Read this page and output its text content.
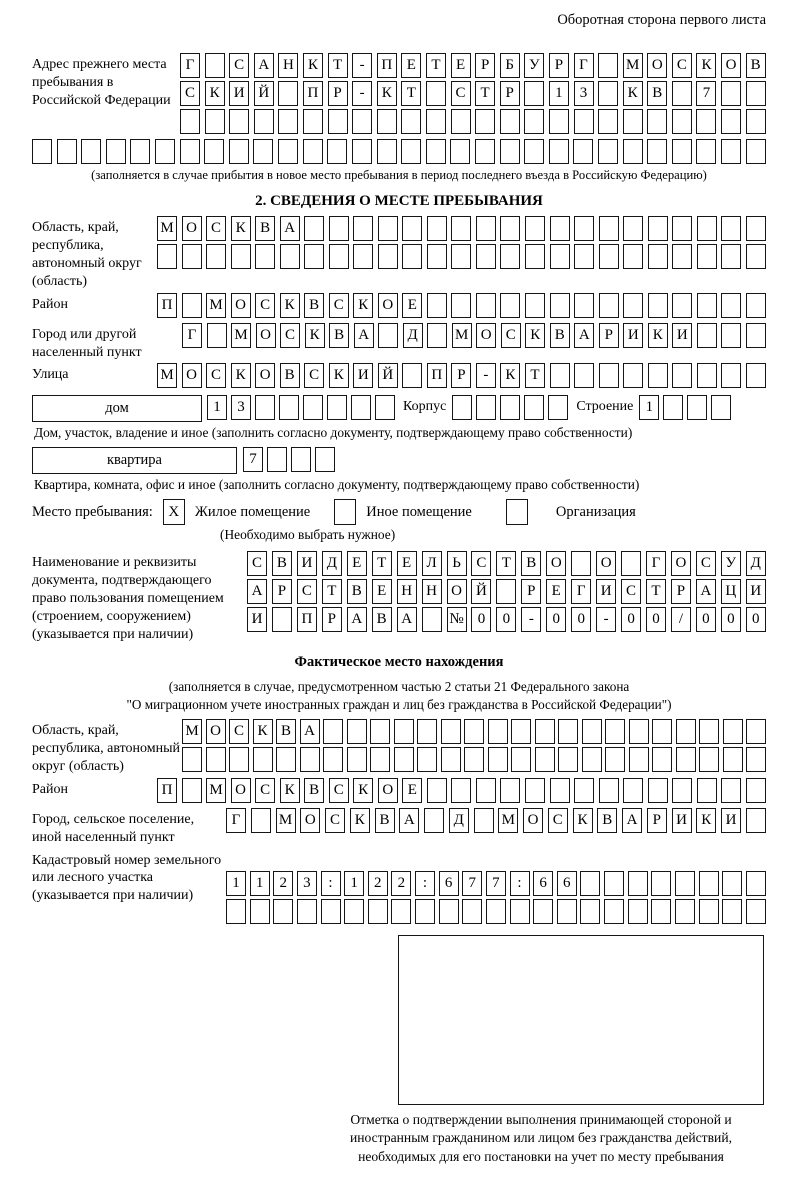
Оборотная сторона первого листа
Адрес прежнего места пребывания в Российской Федерации
Г	С А Н К	Т	-	П Е	Т	Е	Р	Б У	Р	Г	М О С К О В
С К И Й	П	Р	-	К	Т	С	Т	Р	1	3	К В	7
(заполняется в случае прибытия в новое место пребывания в период последнего въезда в Российскую Федерацию)
2. СВЕДЕНИЯ О МЕСТЕ ПРЕБЫВАНИЯ
Область, край, республика, автономный округ (область)
М О С К В А
Район	П	М О С К В С К О Е
Город или другой населенный пункт
Г	М О С К В А	Д	М О С К В А Р И К И
Улица	М О С К О В С К И Й	П Р	-	К Т
дом	1	3	Корпус	Строение 1
Дом, участок, владение и иное (заполнить согласно документу, подтверждающему право собственности)
квартира	7
Квартира, комната, офис и иное (заполнить согласно документу, подтверждающему право собственности)
Место пребывания: X Жилое помещение	Иное помещение	Организация
(Необходимо выбрать нужное)
Наименование и реквизиты документа, подтверждающего право пользования помещением (строением, сооружением) (указывается при наличии)
С В И Д	Е	Т	Е	Л	Ь	С	Т	В О	О	Г	О С У Д
А	Р	С	Т	В	Е Н Н О Й	Р	Е	Г	И С	Т	Р	А Ц И
И	П	Р	А В А	№ 0	0	-	0	0	-	0	0	/	0	0	0
Фактическое место нахождения
(заполняется в случае, предусмотренном частью 2 статьи 21 Федерального закона
"О миграционном учете иностранных граждан и лиц без гражданства в Российской Федерации")
Область, край, республика, автономный округ (область)
М О С К В А
Район	П	М О С К В С К О Е
Город, сельское поселение, иной населенный пункт
Г	М О С К В А	Д	М О С К В А	Р	И К И
Кадастровый номер земельного или лесного участка (указывается при наличии)
1	1	2	3	:	1	2	2	:	6	7	7	:	6	6
Отметка о подтверждении выполнения принимающей стороной и иностранным гражданином или лицом без гражданства действий, необходимых для его постановки на учет по месту пребывания
